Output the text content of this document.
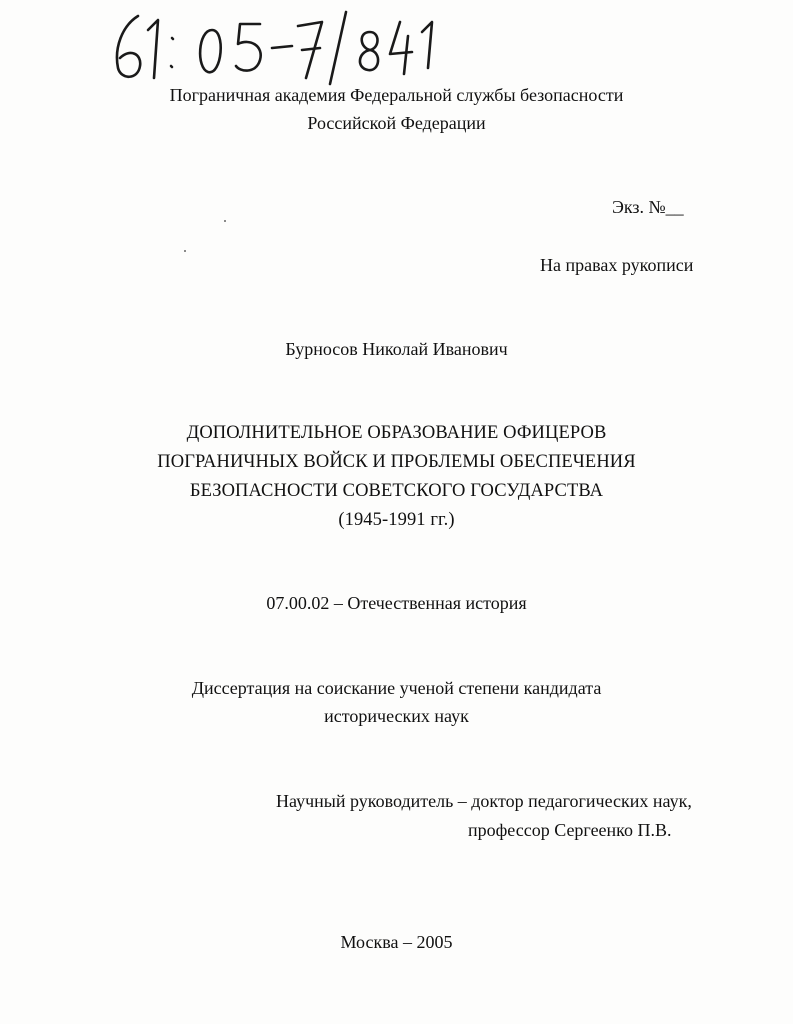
Пограничная академия Федеральной службы безопасности
Российской Федерации
Экз. №__
На правах рукописи
Бурносов Николай Иванович
ДОПОЛНИТЕЛЬНОЕ ОБРАЗОВАНИЕ ОФИЦЕРОВ
ПОГРАНИЧНЫХ ВОЙСК И ПРОБЛЕМЫ ОБЕСПЕЧЕНИЯ
БЕЗОПАСНОСТИ СОВЕТСКОГО ГОСУДАРСТВА
(1945-1991 гг.)
07.00.02 – Отечественная история
Диссертация на соискание ученой степени кандидата
исторических наук
Научный руководитель – доктор педагогических наук,
профессор Сергеенко П.В.
Москва – 2005
